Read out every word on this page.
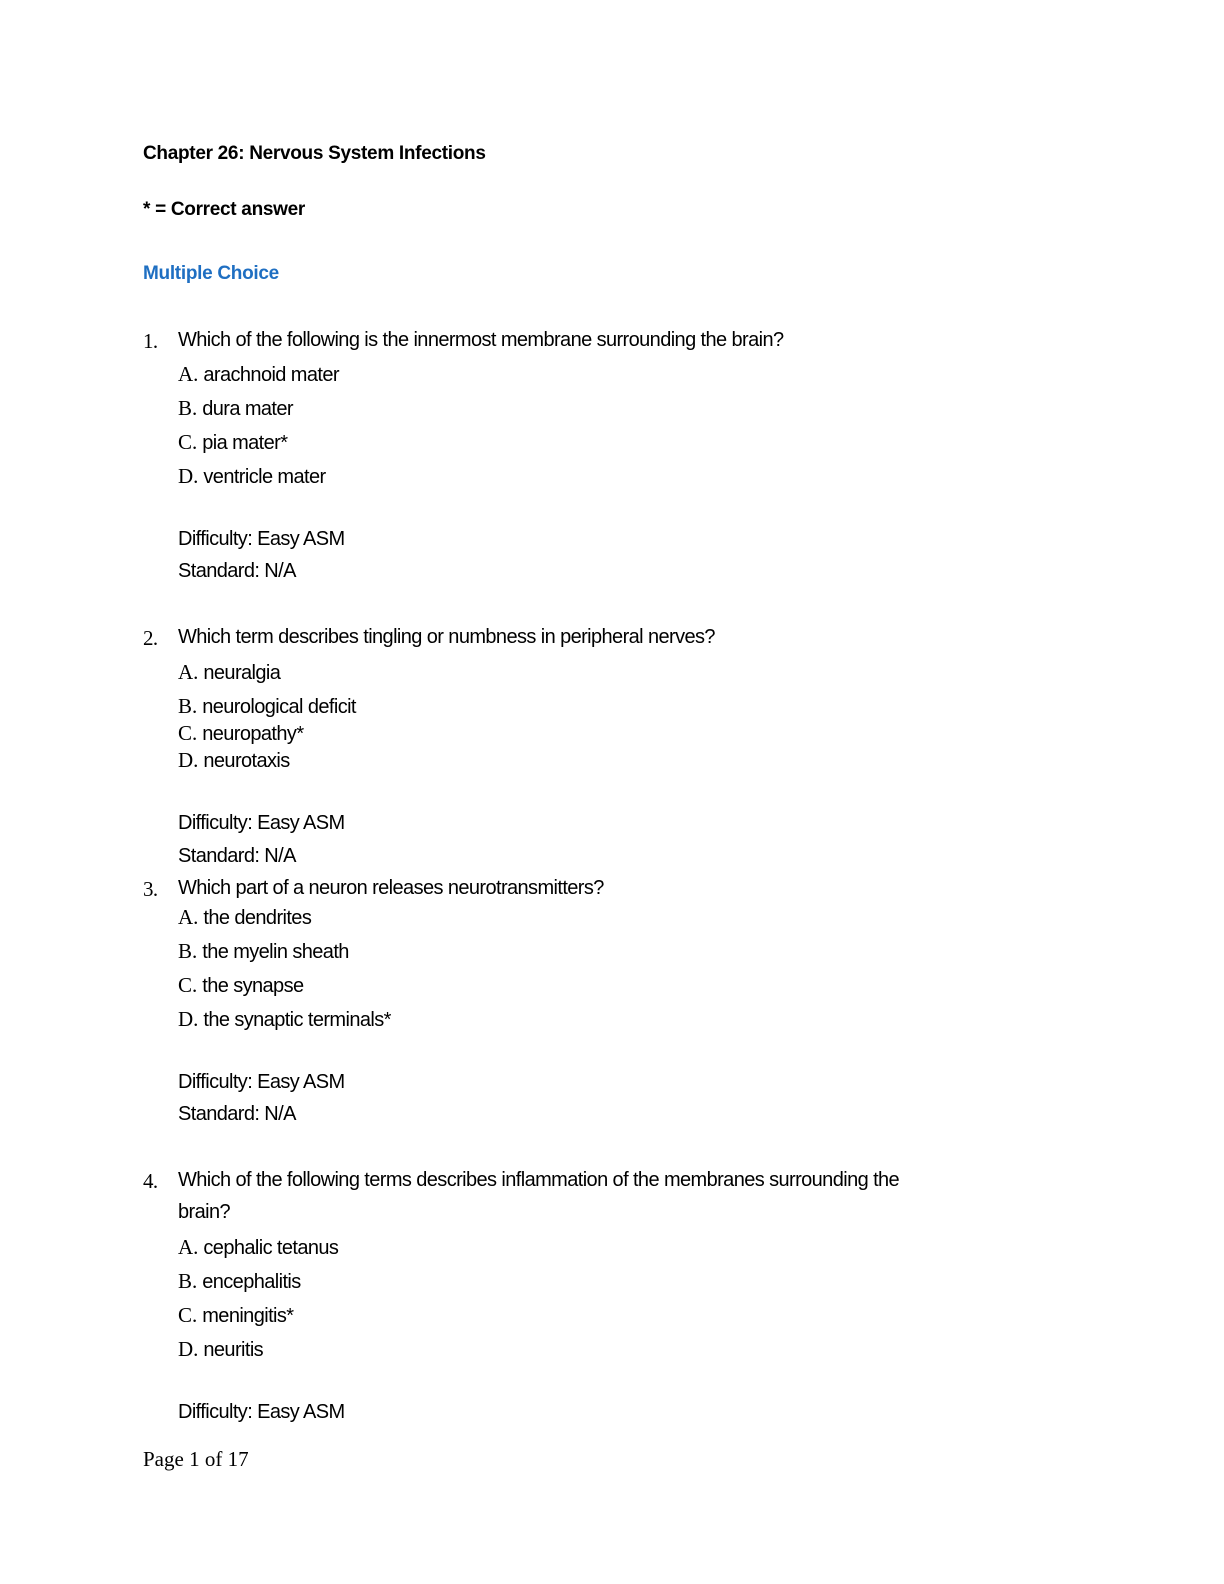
Chapter 26: Nervous System Infections
* = Correct answer
Multiple Choice
1. Which of the following is the innermost membrane surrounding the brain?
A. arachnoid mater
B. dura mater
C. pia mater*
D. ventricle mater
Difficulty: Easy ASM
Standard: N/A
2. Which term describes tingling or numbness in peripheral nerves?
A. neuralgia
B. neurological deficit
C. neuropathy*
D. neurotaxis
Difficulty: Easy ASM
Standard: N/A
3. Which part of a neuron releases neurotransmitters?
A. the dendrites
B. the myelin sheath
C. the synapse
D. the synaptic terminals*
Difficulty: Easy ASM
Standard: N/A
4. Which of the following terms describes inflammation of the membranes surrounding the
brain?
A. cephalic tetanus
B. encephalitis
C. meningitis*
D. neuritis
Difficulty: Easy ASM
Page 1 of 17
